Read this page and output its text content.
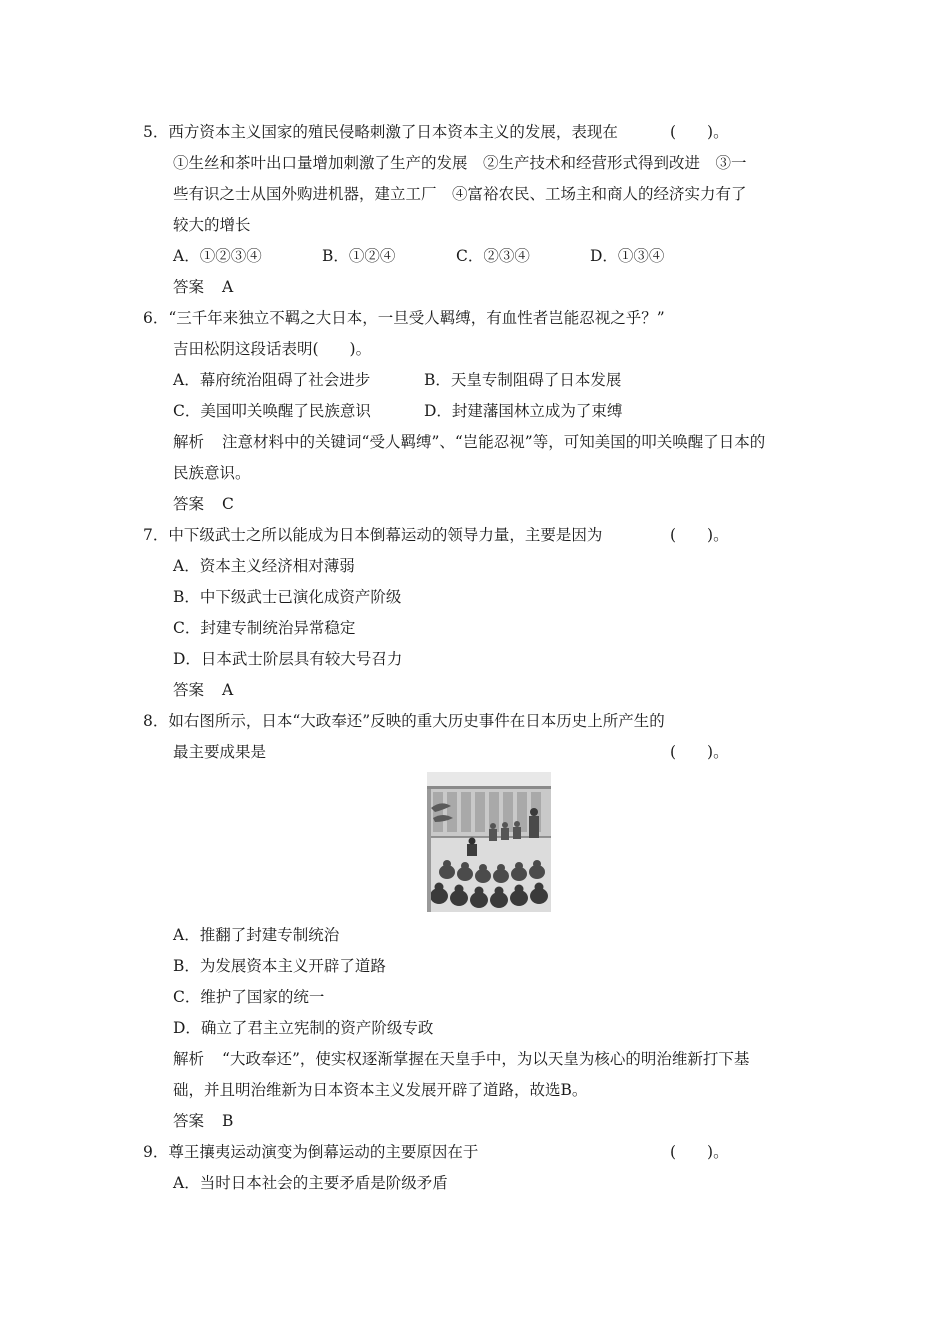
5．西方资本主义国家的殖民侵略刺激了日本资本主义的发展，表现在	(　　)。
①生丝和茶叶出口量增加刺激了生产的发展　②生产技术和经营形式得到改进　③一
些有识之士从国外购进机器，建立工厂　④富裕农民、工场主和商人的经济实力有了
较大的增长
A．①②③④	B．①②④	C．②③④	D．①③④
答案 A
6．“三千年来独立不羁之大日本，一旦受人羁缚，有血性者岂能忍视之乎？”
吉田松阴这段话表明(　　)。
A．幕府统治阻碍了社会进步	B．天皇专制阻碍了日本发展
C．美国叩关唤醒了民族意识	D．封建藩国林立成为了束缚
解析 注意材料中的关键词“受人羁缚”、“岂能忍视”等，可知美国的叩关唤醒了日本的
民族意识。
答案 C
7．中下级武士之所以能成为日本倒幕运动的领导力量，主要是因为	(　　)。
A．资本主义经济相对薄弱
B．中下级武士已演化成资产阶级
C．封建专制统治异常稳定
D．日本武士阶层具有较大号召力
答案 A
8．如右图所示，日本“大政奉还”反映的重大历史事件在日本历史上所产生的
最主要成果是	(　　)。
A．推翻了封建专制统治
B．为发展资本主义开辟了道路
C．维护了国家的统一
D．确立了君主立宪制的资产阶级专政
解析 “大政奉还”，使实权逐渐掌握在天皇手中，为以天皇为核心的明治维新打下基
础，并且明治维新为日本资本主义发展开辟了道路，故选B。
答案 B
9．尊王攘夷运动演变为倒幕运动的主要原因在于	(　　)。
A．当时日本社会的主要矛盾是阶级矛盾
